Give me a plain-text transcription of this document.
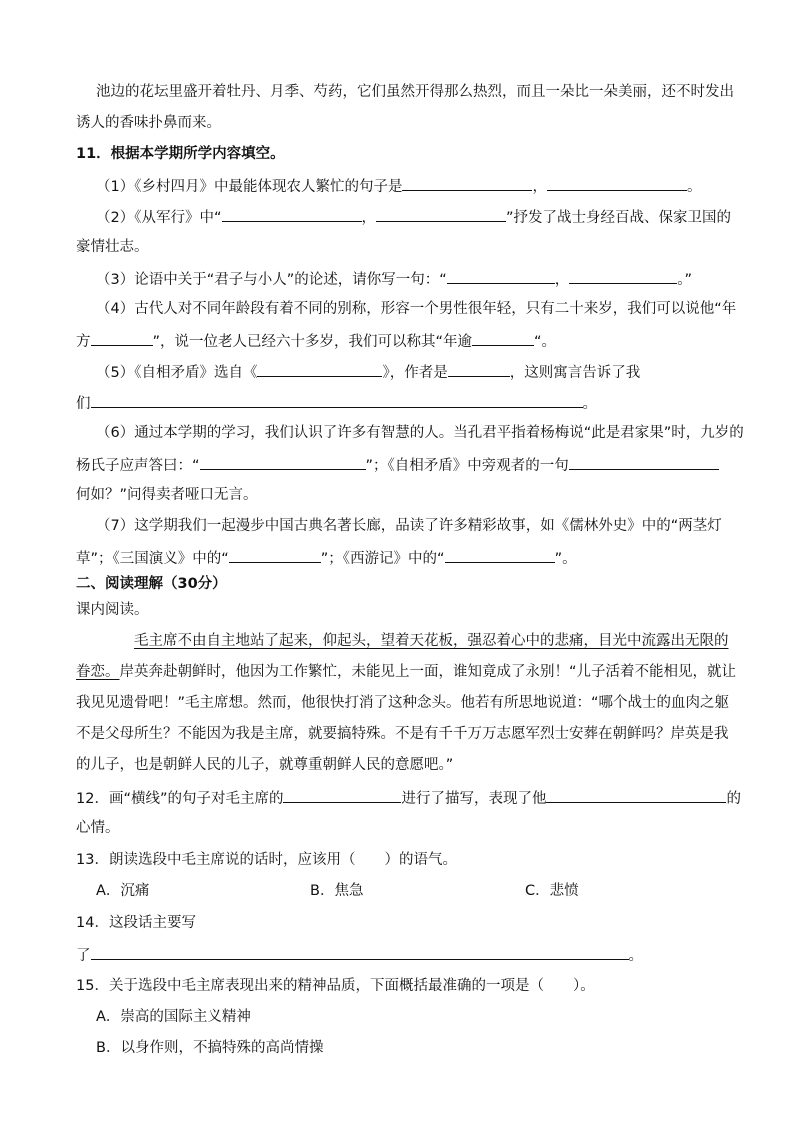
池边的花坛里盛开着牡丹、月季、芍药，它们虽然开得那么热烈，而且一朵比一朵美丽，还不时发出
诱人的香味扑鼻而来。
11．根据本学期所学内容填空。
（1）《乡村四月》中最能体现农人繁忙的句子是	，	。
（2）《从军行》中“	，	”抒发了战士身经百战、保家卫国的
豪情壮志。
（3）论语中关于“君子与小人”的论述，请你写一句：“	，	。”
（4）古代人对不同年龄段有着不同的别称，形容一个男性很年轻，只有二十来岁，我们可以说他“年
方	”，说一位老人已经六十多岁，我们可以称其“年逾	“。
（5）《自相矛盾》选自《	》，作者是	，这则寓言告诉了我
们	。
（6）通过本学期的学习，我们认识了许多有智慧的人。当孔君平指着杨梅说“此是君家果”时，九岁的
杨氏子应声答曰：“	”；《自相矛盾》中旁观者的一句
何如？”问得卖者哑口无言。
（7）这学期我们一起漫步中国古典名著长廊，品读了许多精彩故事，如《儒林外史》中的“两茎灯
草”；《三国演义》中的“	”；《西游记》中的“	”。
二、阅读理解（30分）
课内阅读。
毛主席不由自主地站了起来，仰起头，望着天花板，强忍着心中的悲痛，目光中流露出无限的
眷恋。岸英奔赴朝鲜时，他因为工作繁忙，未能见上一面，谁知竟成了永别！“儿子活着不能相见，就让
我见见遗骨吧！”毛主席想。然而，他很快打消了这种念头。他若有所思地说道：“哪个战士的血肉之躯
不是父母所生？不能因为我是主席，就要搞特殊。不是有千千万万志愿军烈士安葬在朝鲜吗？岸英是我
的儿子，也是朝鲜人民的儿子，就尊重朝鲜人民的意愿吧。”
12．画“横线”的句子对毛主席的	进行了描写，表现了他	的
心情。
13．朗读选段中毛主席说的话时，应该用（　　）的语气。
A．沉痛	B．焦急	C．悲愤
14．这段话主要写
了	。
15．关于选段中毛主席表现出来的精神品质，下面概括最准确的一项是（　　）。
A．崇高的国际主义精神
B．以身作则，不搞特殊的高尚情操
